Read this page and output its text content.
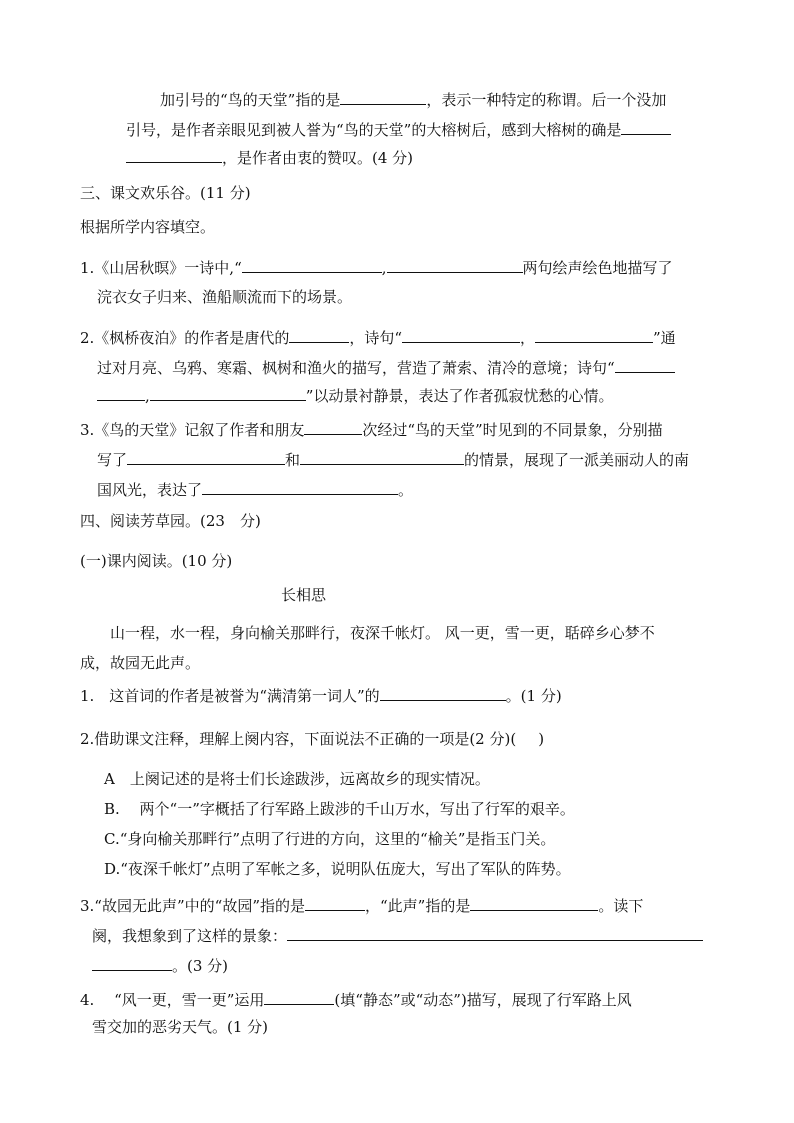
加引号的“鸟的天堂”指的是	，表示一种特定的称谓。后一个没加
引号，是作者亲眼见到被人誉为“鸟的天堂”的大榕树后，感到大榕树的确是
，是作者由衷的赞叹。(4 分)
三、课文欢乐谷。(11 分)
根据所学内容填空。
1.《山居秋暝》一诗中,“	,	两句绘声绘色地描写了
浣衣女子归来、渔船顺流而下的场景。
2.《枫桥夜泊》的作者是唐代的	，诗句“	，	”通
过对月亮、乌鸦、寒霜、枫树和渔火的描写，营造了萧索、清冷的意境；诗句“
,	”以动景衬静景，表达了作者孤寂忧愁的心情。
3.《鸟的天堂》记叙了作者和朋友	次经过“鸟的天堂”时见到的不同景象，分别描
写了	和	的情景，展现了一派美丽动人的南
国风光，表达了	。
四、阅读芳草园。(23　分)
(一)课内阅读。(10 分)
长相思
山一程，水一程，身向榆关那畔行，夜深千帐灯。 风一更，雪一更，聒碎乡心梦不
成，故园无此声。
1.　这首词的作者是被誉为“满清第一词人”的	。(1 分)
2.借助课文注释，理解上阕内容，下面说法不正确的一项是(2 分)( )
A　上阕记述的是将士们长途跋涉，远离故乡的现实情况。
B.　 两个“一”字概括了行军路上跋涉的千山万水，写出了行军的艰辛。
C.“身向榆关那畔行”点明了行进的方向，这里的“榆关”是指玉门关。
D.“夜深千帐灯”点明了军帐之多，说明队伍庞大，写出了军队的阵势。
3.“故园无此声”中的“故园”指的是	，“此声”指的是	。读下
阕，我想象到了这样的景象：
。(3 分)
4.　 “风一更，雪一更”运用	(填“静态”或“动态”)描写，展现了行军路上风
雪交加的恶劣天气。(1 分)
